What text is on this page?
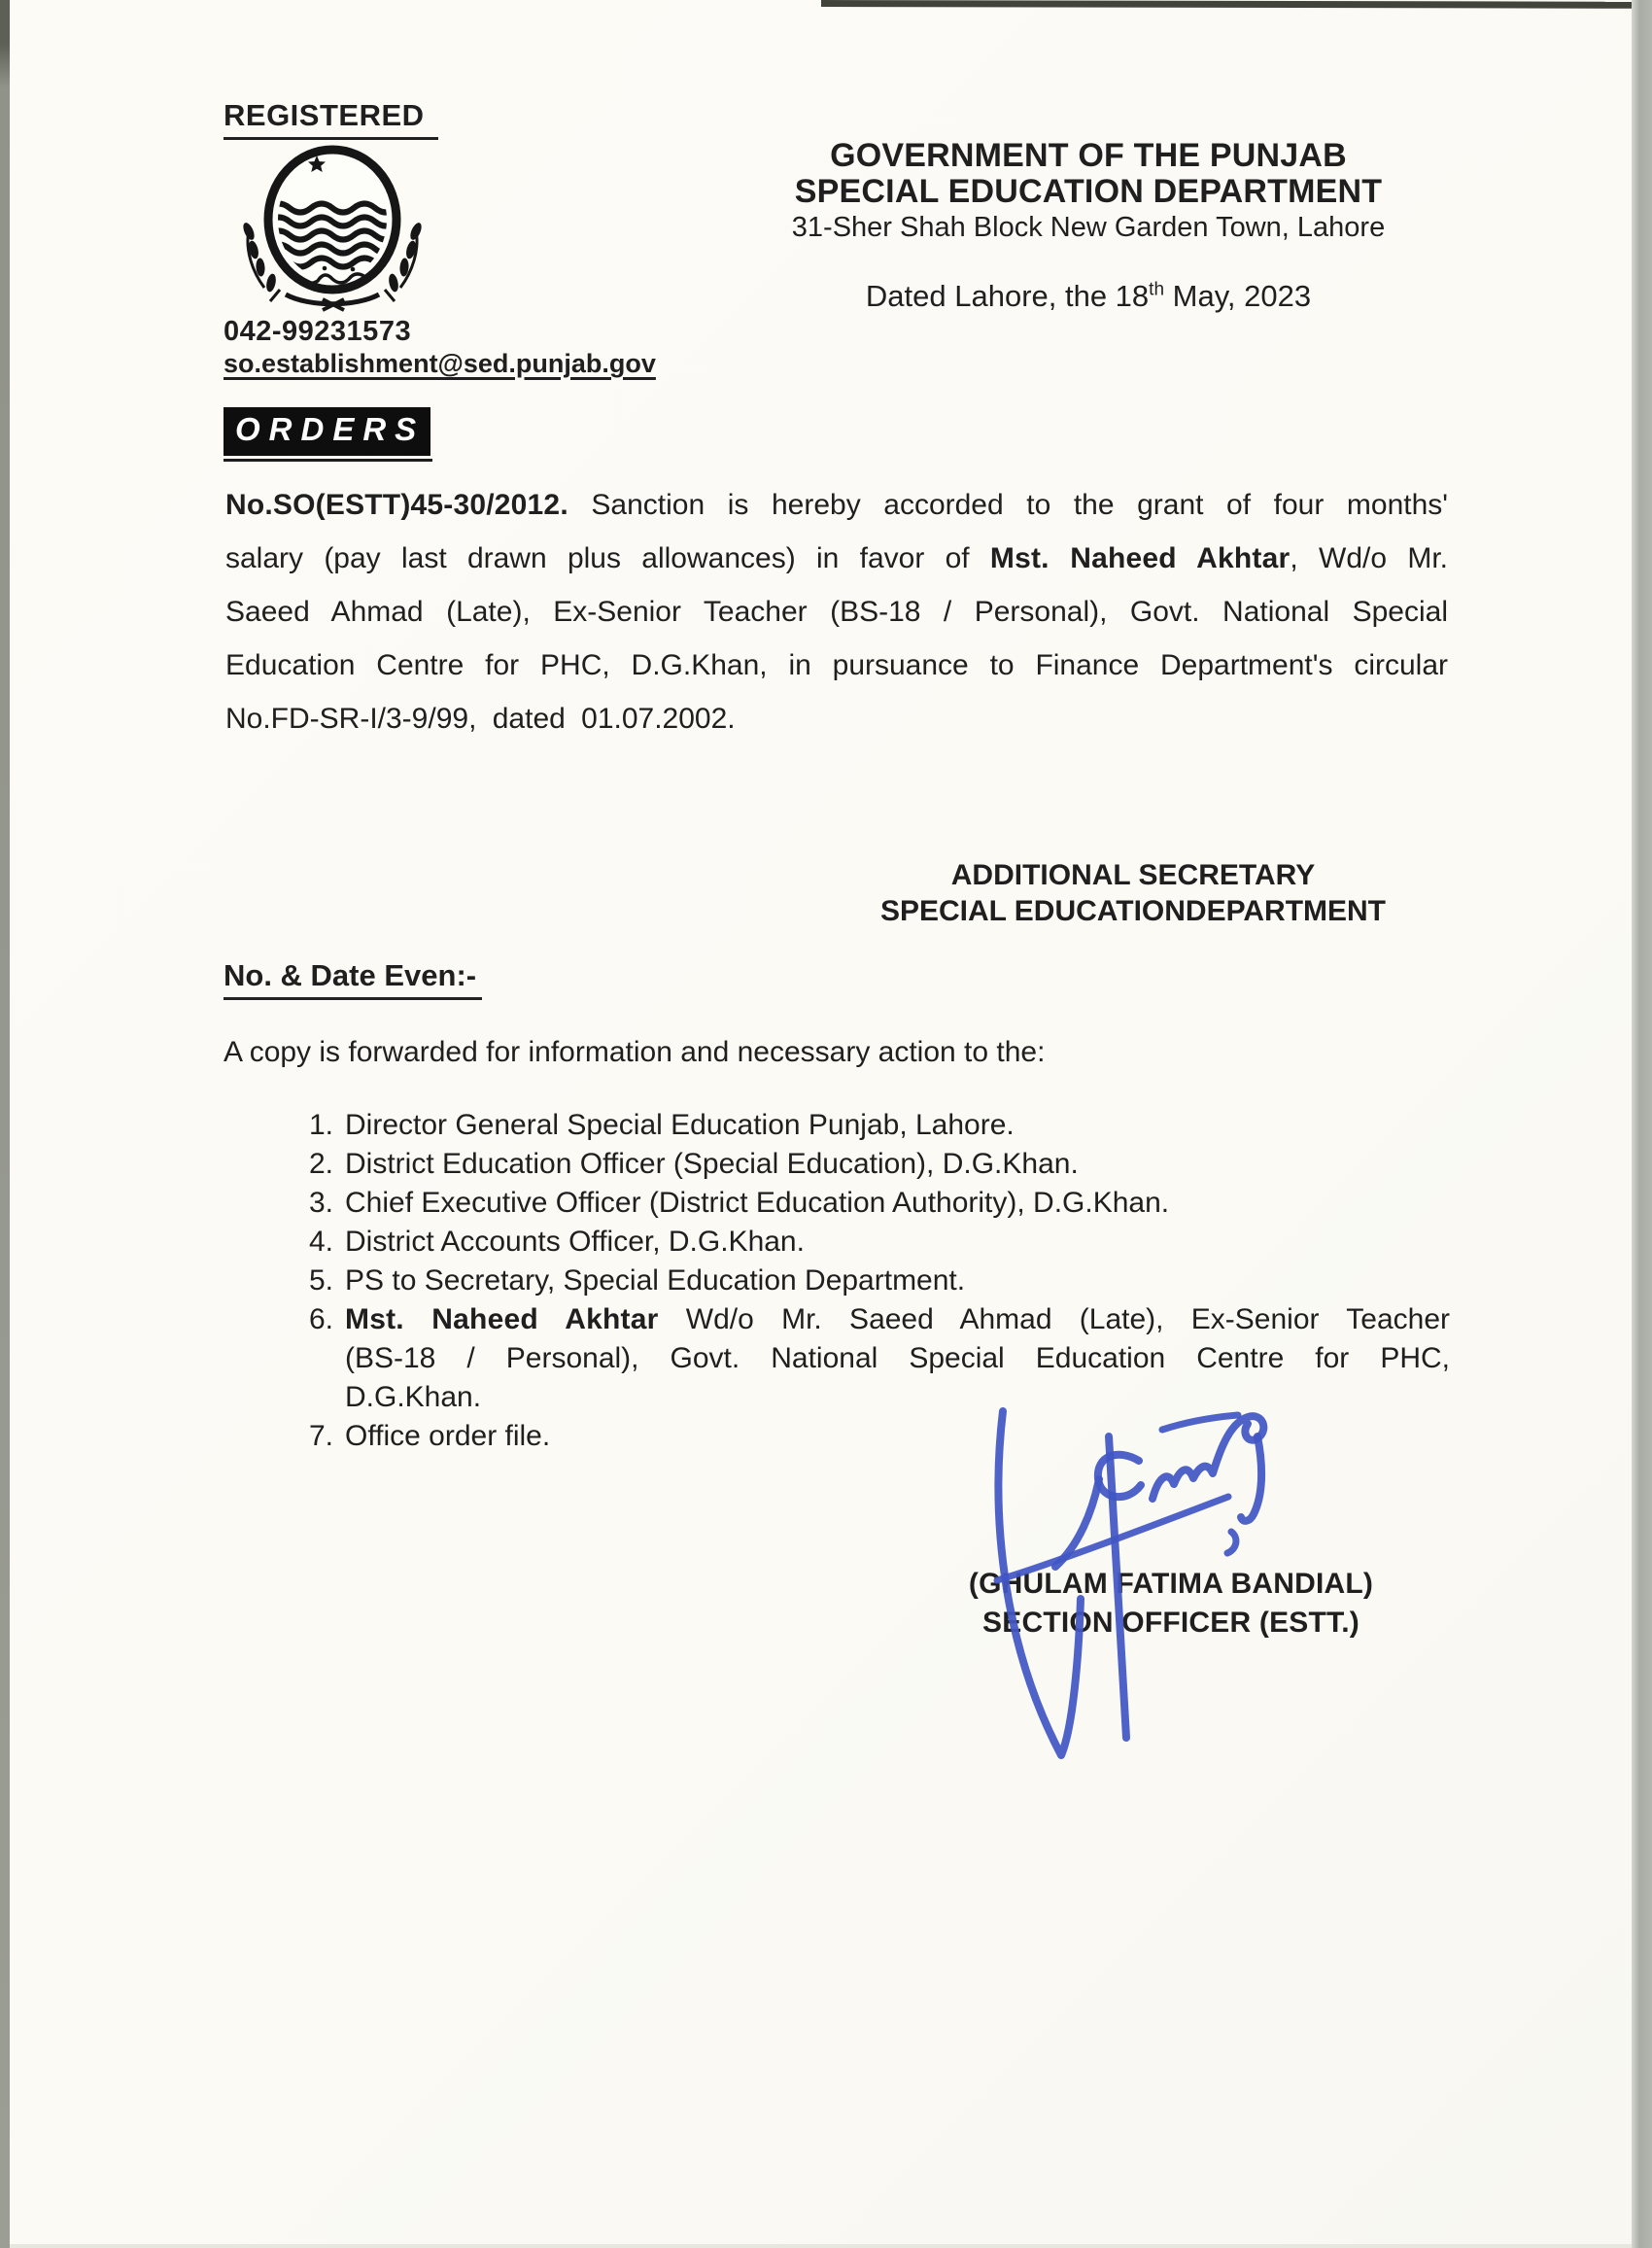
REGISTERED
042-99231573
so.establishment@sed.punjab.gov
GOVERNMENT OF THE PUNJAB
SPECIAL EDUCATION DEPARTMENT
31-Sher Shah Block New Garden Town, Lahore
Dated Lahore, the 18th May, 2023
ORDERS
No.SO(ESTT)45-30/2012. Sanction is hereby accorded to the grant of four months' salary (pay last drawn plus allowances) in favor of Mst. Naheed Akhtar, Wd/o Mr. Saeed Ahmad (Late), Ex-Senior Teacher (BS-18 / Personal), Govt. National Special Education Centre for PHC, D.G.Khan, in pursuance to Finance Department's circular No.FD-SR-I/3-9/99, dated 01.07.2002.
ADDITIONAL SECRETARY
SPECIAL EDUCATIONDEPARTMENT
No. & Date Even:-
A copy is forwarded for information and necessary action to the:
1. Director General Special Education Punjab, Lahore.
2. District Education Officer (Special Education), D.G.Khan.
3. Chief Executive Officer (District Education Authority), D.G.Khan.
4. District Accounts Officer, D.G.Khan.
5. PS to Secretary, Special Education Department.
6. Mst. Naheed Akhtar Wd/o Mr. Saeed Ahmad (Late), Ex-Senior Teacher (BS-18 / Personal), Govt. National Special Education Centre for PHC, D.G.Khan.
7. Office order file.
(GHULAM FATIMA BANDIAL)
SECTION OFFICER (ESTT.)
